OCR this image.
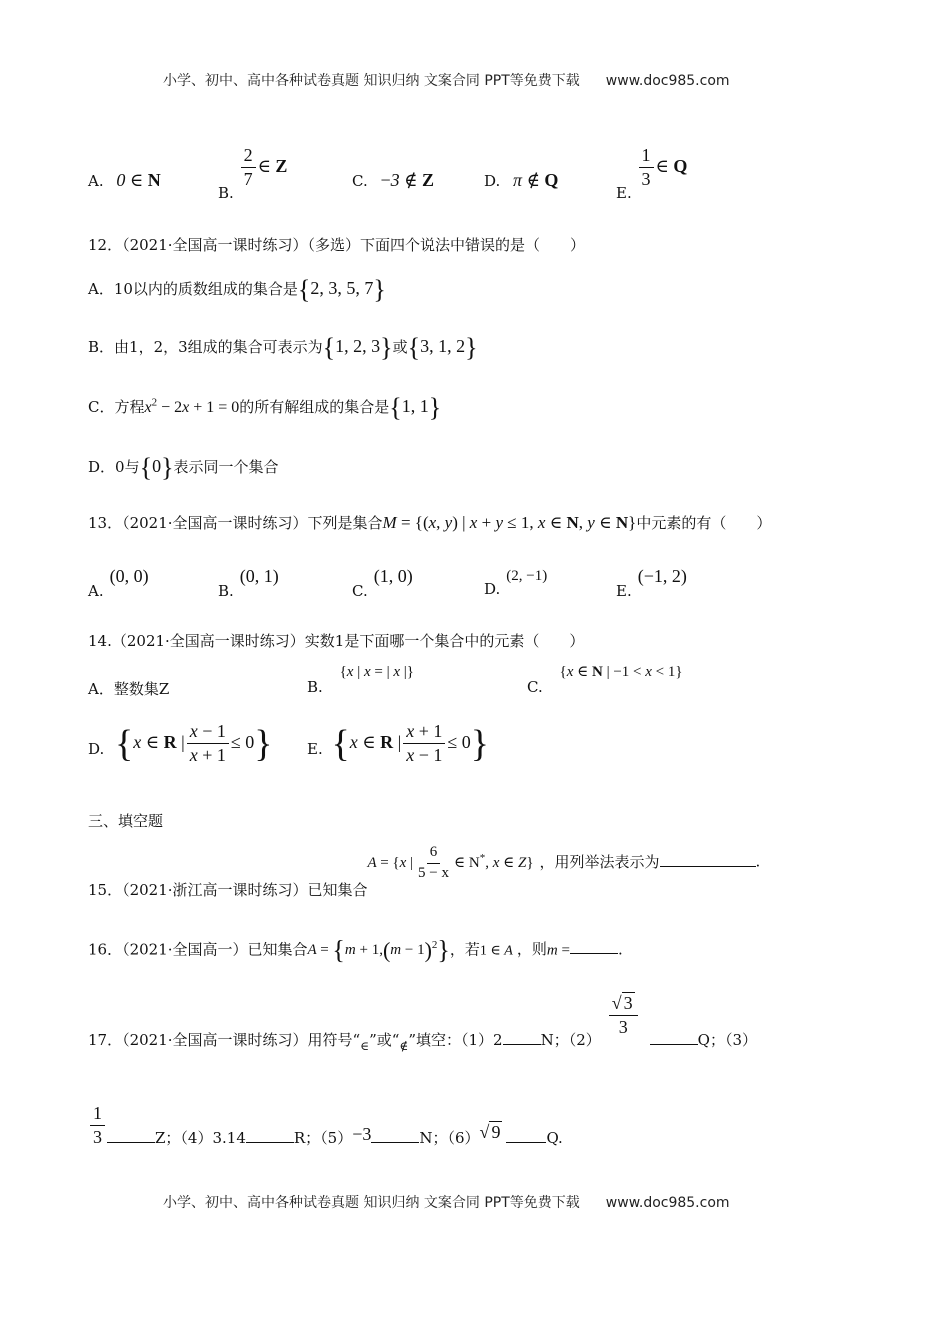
小学、初中、高中各种试卷真题 知识归纳 文案合同 PPT等免费下载 www.doc985.com
A. 0 ∈ N
B.
$\frac{2}{7}$ ∈ Z
C. −3 ∉ Z	D. π ∉ Q
E.
$\frac{1}{3}$ ∈ Q
12．（2021·全国高一课时练习）（多选）下面四个说法中错误的是（　　）
A．10以内的质数组成的集合是{2, 3, 5, 7}
B．由1，2，3组成的集合可表示为{1, 2, 3}或{3, 1, 2}
C．方程$x^2 - 2x + 1 = 0$的所有解组成的集合是{1, 1}
D．0与{0}表示同一个集合
13．（2021·全国高一课时练习）下列是集合M = {(x, y) | x + y ≤ 1, x ∈ N, y ∈ N}中元素的有（　　）
A.(0, 0)
B.(0, 1)
C.(1, 0)
D.(2, −1)
E.(−1, 2)
14.（2021·全国高一课时练习）实数1是下面哪一个集合中的元素（　　）
A．整数集Z	B. {x | x = | x |}
C. {x ∈ N | −1 < x < 1}
D. {x ∈ R | $\frac{x - 1}{x + 1} \le 0$} E. {x ∈ R | $\frac{x + 1}{x - 1} \le 0$}
三、填空题
15．（2021·浙江高一课时练习）已知集合A = {x | $\frac{6}{5 - x}$ ∈ N*, x ∈ Z} ，用列举法表示为	.
16．（2021·全国高一）已知集合$A = \{m + 1,(m - 1)^2\}$，若1 ∈ A ，则m =	.
17．（2021·全国高一课时练习）用符号“$_\in$”或“$_\notin$”填空：（1）2	N；（2）
$\frac{√ 3}{3}$
Q；（3）
$\frac{1}{3}$	Z；（4）3.14	R；（5）−3	N；（6）√ 9	Q.
小学、初中、高中各种试卷真题 知识归纳 文案合同 PPT等免费下载 www.doc985.com
